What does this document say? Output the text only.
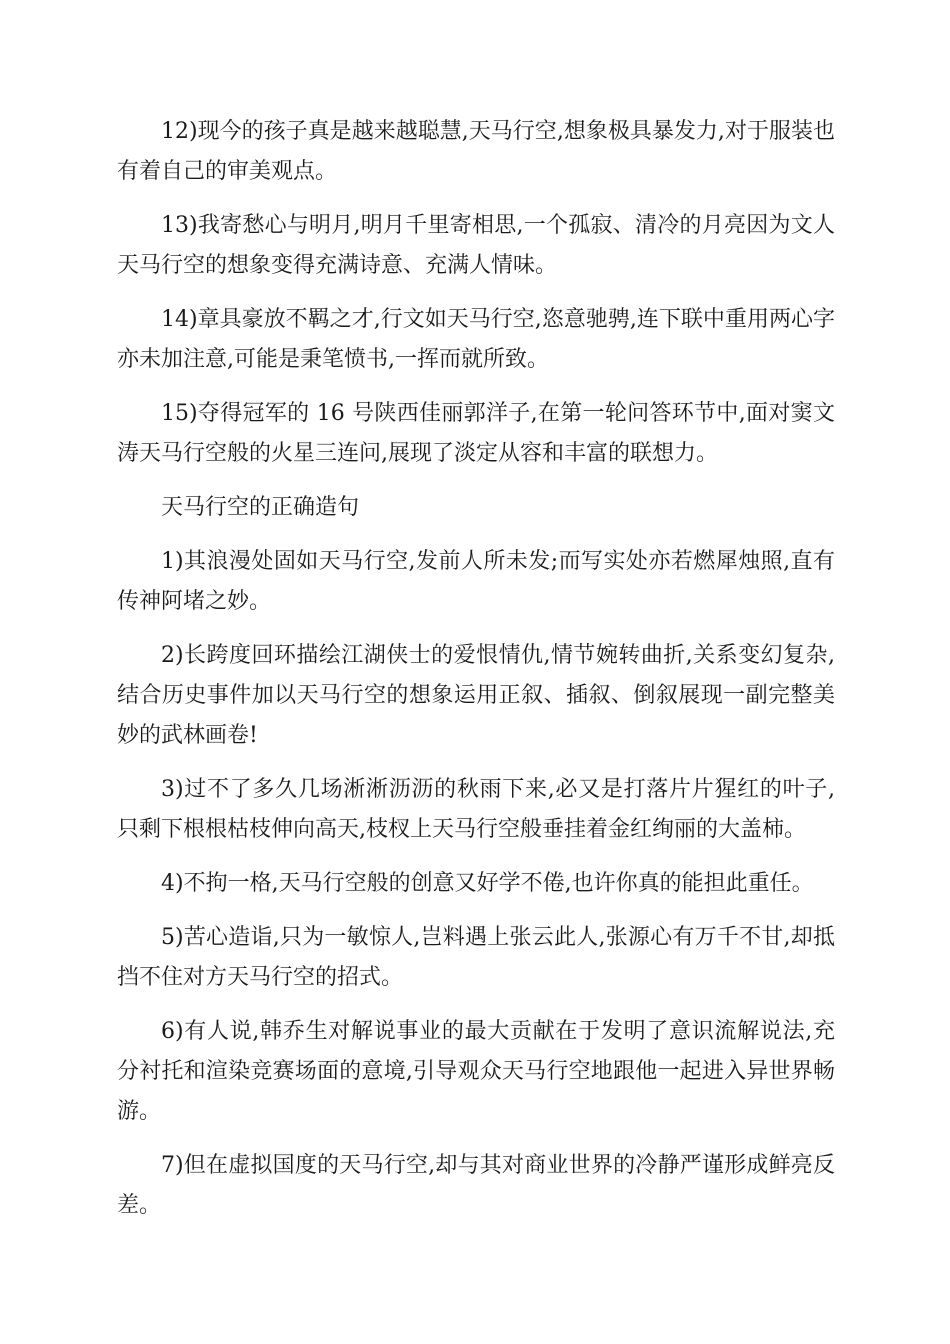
12)现今的孩子真是越来越聪慧,天马行空,想象极具暴发力,对于服装也有着自己的审美观点。

13)我寄愁心与明月,明月千里寄相思,一个孤寂、清冷的月亮因为文人天马行空的想象变得充满诗意、充满人情味。

14)章具豪放不羁之才,行文如天马行空,恣意驰骋,连下联中重用两心字亦未加注意,可能是秉笔愤书,一挥而就所致。

15)夺得冠军的 16 号陕西佳丽郭洋子,在第一轮问答环节中,面对窦文涛天马行空般的火星三连问,展现了淡定从容和丰富的联想力。

天马行空的正确造句

1)其浪漫处固如天马行空,发前人所未发;而写实处亦若燃犀烛照,直有传神阿堵之妙。

2)长跨度回环描绘江湖侠士的爱恨情仇,情节婉转曲折,关系变幻复杂,结合历史事件加以天马行空的想象运用正叙、插叙、倒叙展现一副完整美妙的武林画卷!

3)过不了多久几场淅淅沥沥的秋雨下来,必又是打落片片猩红的叶子,只剩下根根枯枝伸向高天,枝杈上天马行空般垂挂着金红绚丽的大盖柿。

4)不拘一格,天马行空般的创意又好学不倦,也许你真的能担此重任。

5)苦心造诣,只为一敏惊人,岂料遇上张云此人,张源心有万千不甘,却抵挡不住对方天马行空的招式。

6)有人说,韩乔生对解说事业的最大贡献在于发明了意识流解说法,充分衬托和渲染竞赛场面的意境,引导观众天马行空地跟他一起进入异世界畅游。

7)但在虚拟国度的天马行空,却与其对商业世界的冷静严谨形成鲜亮反差。
